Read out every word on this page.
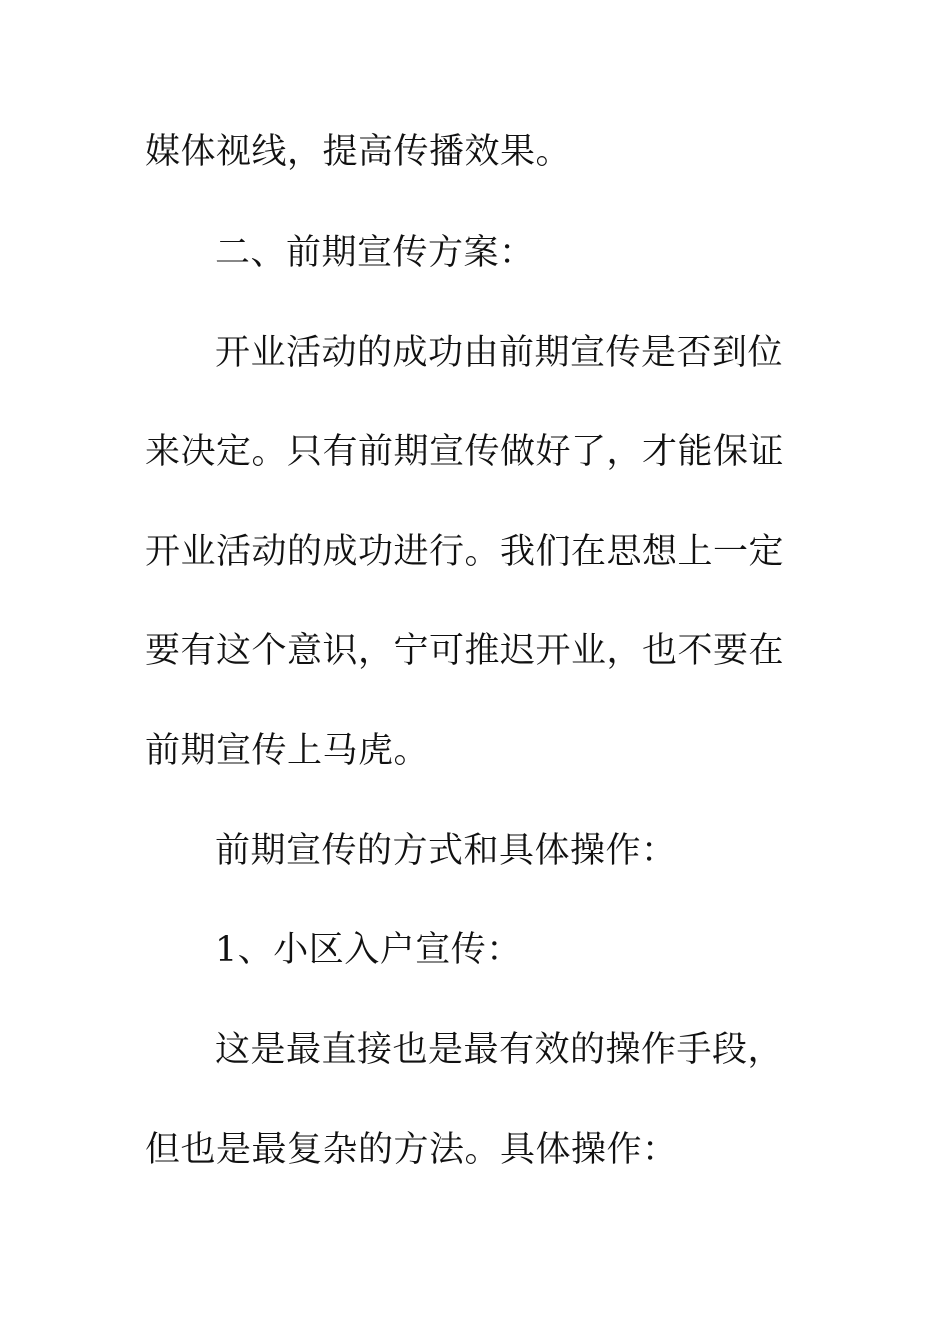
媒体视线，提高传播效果。
二、前期宣传方案：
开业活动的成功由前期宣传是否到位
来决定。只有前期宣传做好了，才能保证
开业活动的成功进行。我们在思想上一定
要有这个意识，宁可推迟开业，也不要在
前期宣传上马虎。
前期宣传的方式和具体操作：
1、小区入户宣传：
这是最直接也是最有效的操作手段，
但也是最复杂的方法。具体操作：
